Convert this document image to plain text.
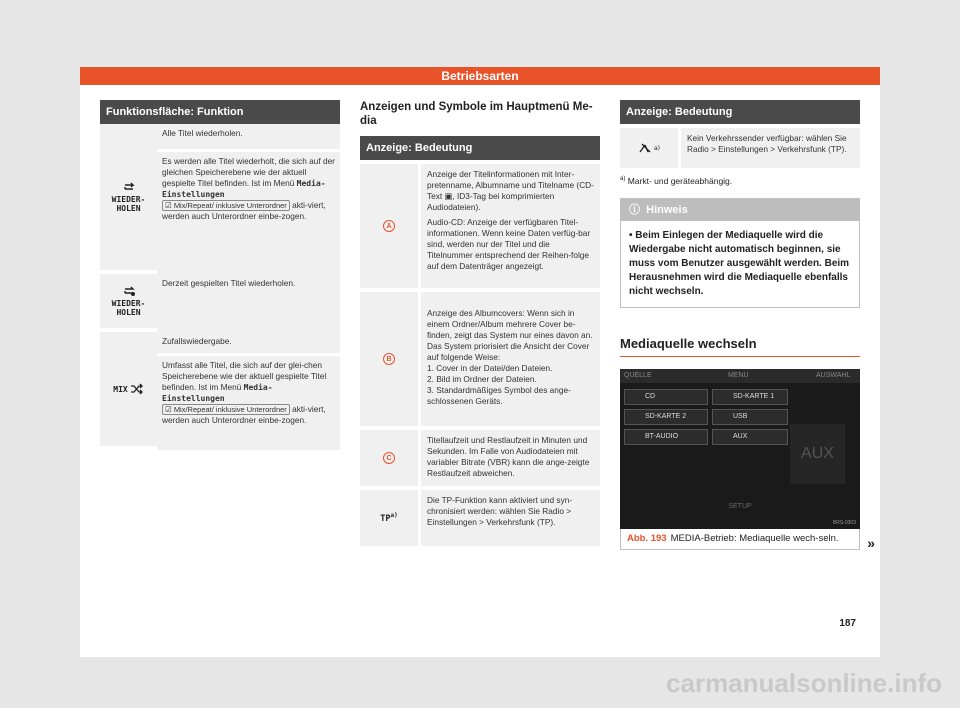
Betriebsarten
Funktionsfläche: Funktion
WIEDER-
HOLEN
Alle Titel wiederholen.
Es werden alle Titel wiederholt, die sich auf der gleichen Speicherebene wie der aktuell gespielte Titel befinden. Ist im Menü Media-Einstellungen ☑ Mix/Repeat/ inklusive Unterordner akti-viert, werden auch Unterordner einbe-zogen.
WIEDER-
HOLEN
Derzeit gespielten Titel wiederholen.
MIX
Zufallswiedergabe.
Umfasst alle Titel, die sich auf der glei-chen Speicherebene wie der aktuell gespielte Titel befinden. Ist im Menü Media-Einstellungen ☑ Mix/Repeat/ inklusive Unterordner akti-viert, werden auch Unterordner einbe-zogen.
Anzeigen und Symbole im Hauptmenü Me-dia
Anzeige: Bedeutung
A
Anzeige der Titelinformationen mit Inter-pretenname, Albumname und Titelname (CD-Text ▣, ID3-Tag bei komprimierten Audiodateien).
Audio-CD: Anzeige der verfügbaren Titel-informationen. Wenn keine Daten verfüg-bar sind, werden nur der Titel und die Titelnummer entsprechend der Reihen-folge auf dem Datenträger angezeigt.
B

Anzeige des Albumcovers: Wenn sich in einem Ordner/Album mehrere Cover be-finden, zeigt das System nur eines davon an.
Das System priorisiert die Ansicht der Cover auf folgende Weise:
1. Cover in der Datei/den Dateien.
2. Bild im Ordner der Dateien.
3. Standardmäßiges Symbol des ange-schlossenen Geräts.

C
Titellaufzeit und Restlaufzeit in Minuten und Sekunden. Im Falle von Audiodateien mit variabler Bitrate (VBR) kann die ange-zeigte Restlaufzeit abweichen.
TP$^{a)}$
Die TP-Funktion kann aktiviert und syn-chronisiert werden: wählen Sie Radio > Einstellungen > Verkehrsfunk (TP).
Anzeige: Bedeutung
a)
Kein Verkehrssender verfügbar: wählen Sie Radio > Einstellungen > Verkehrsfunk (TP).
$^{a)}$ Markt- und geräteabhängig.
ⓘ Hinweis
• Beim Einlegen der Mediaquelle wird die Wiedergabe nicht automatisch beginnen, sie muss vom Benutzer ausgewählt werden. Beim Herausnehmen wird die Mediaquelle ebenfalls nicht wechseln.
Mediaquelle wechseln
QUELLE	MENU	AUSWAHL
CD	SD-KARTE 1
SD-KARTE 2	USB
BT-AUDIO	AUX
AUX
SETUP
BRS-0303
Abb. 193 MEDIA-Betrieb: Mediaquelle wech-seln. »
187
carmanualsonline.info
